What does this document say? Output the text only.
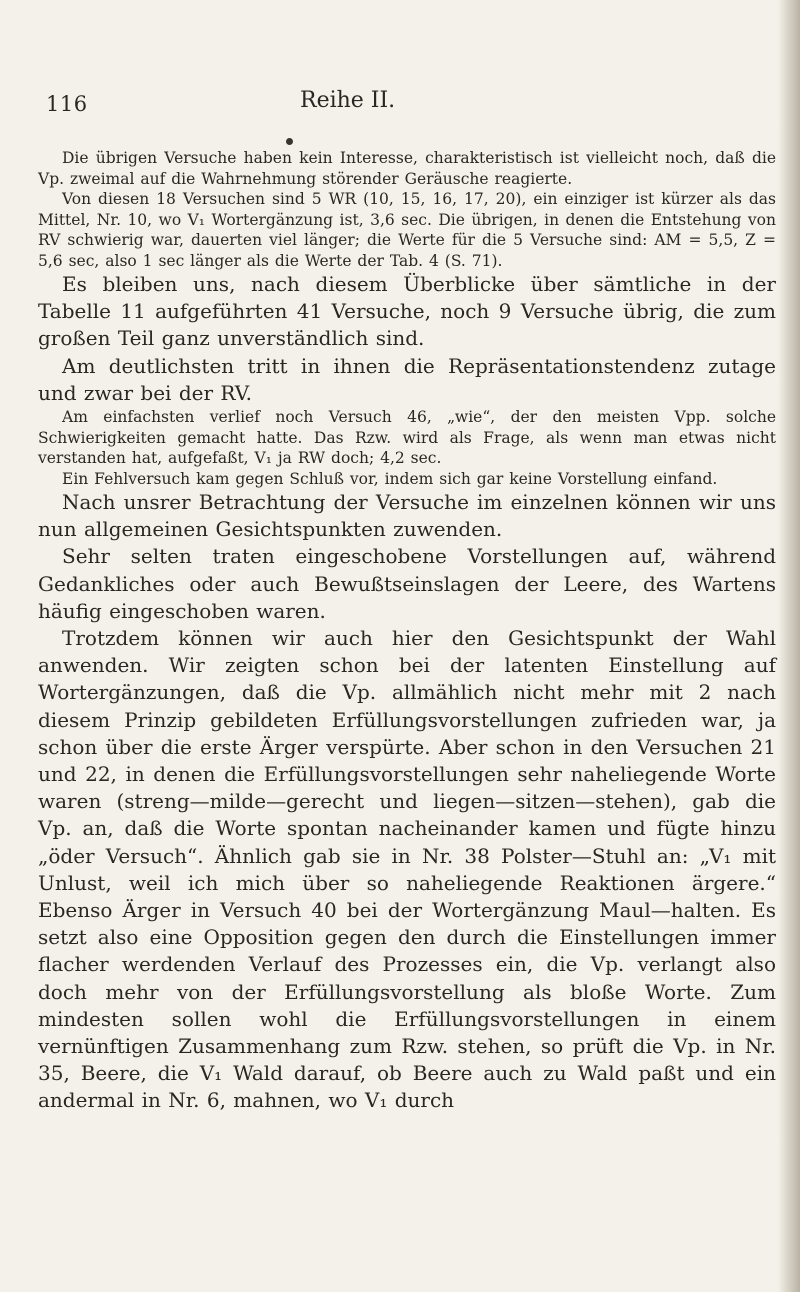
116	Reihe II.

Die übrigen Versuche haben kein Interesse, charakteristisch ist vielleicht noch, daß die Vp. zweimal auf die Wahrnehmung störender Geräusche reagierte.

Von diesen 18 Versuchen sind 5 WR (10, 15, 16, 17, 20), ein einziger ist kürzer als das Mittel, Nr. 10, wo V₁ Wortergänzung ist, 3,6 sec. Die übrigen, in denen die Entstehung von RV schwierig war, dauerten viel länger; die Werte für die 5 Versuche sind: AM = 5,5, Z = 5,6 sec, also 1 sec länger als die Werte der Tab. 4 (S. 71).

Es bleiben uns, nach diesem Überblicke über sämtliche in der Tabelle 11 aufgeführten 41 Versuche, noch 9 Versuche übrig, die zum großen Teil ganz unverständlich sind.

Am deutlichsten tritt in ihnen die Repräsentationstendenz zutage und zwar bei der RV.

Am einfachsten verlief noch Versuch 46, „wie“, der den meisten Vpp. solche Schwierigkeiten gemacht hatte. Das Rzw. wird als Frage, als wenn man etwas nicht verstanden hat, aufgefaßt, V₁ ja RW doch; 4,2 sec.

Ein Fehlversuch kam gegen Schluß vor, indem sich gar keine Vorstellung einfand.

Nach unsrer Betrachtung der Versuche im einzelnen können wir uns nun allgemeinen Gesichtspunkten zuwenden.

Sehr selten traten eingeschobene Vorstellungen auf, während Gedankliches oder auch Bewußtseinslagen der Leere, des Wartens häufig eingeschoben waren.

Trotzdem können wir auch hier den Gesichtspunkt der Wahl anwenden. Wir zeigten schon bei der latenten Einstellung auf Wortergänzungen, daß die Vp. allmählich nicht mehr mit 2 nach diesem Prinzip gebildeten Erfüllungsvorstellungen zufrieden war, ja schon über die erste Ärger verspürte. Aber schon in den Versuchen 21 und 22, in denen die Erfüllungsvorstellungen sehr naheliegende Worte waren (streng—milde—gerecht und liegen—sitzen—stehen), gab die Vp. an, daß die Worte spontan nacheinander kamen und fügte hinzu „öder Versuch“. Ähnlich gab sie in Nr. 38 Polster—Stuhl an: „V₁ mit Unlust, weil ich mich über so naheliegende Reaktionen ärgere.“ Ebenso Ärger in Versuch 40 bei der Wortergänzung Maul—halten. Es setzt also eine Opposition gegen den durch die Einstellungen immer flacher werdenden Verlauf des Prozesses ein, die Vp. verlangt also doch mehr von der Erfüllungsvorstellung als bloße Worte. Zum mindesten sollen wohl die Erfüllungsvorstellungen in einem vernünftigen Zusammenhang zum Rzw. stehen, so prüft die Vp. in Nr. 35, Beere, die V₁ Wald darauf, ob Beere auch zu Wald paßt und ein andermal in Nr. 6, mahnen, wo V₁ durch
